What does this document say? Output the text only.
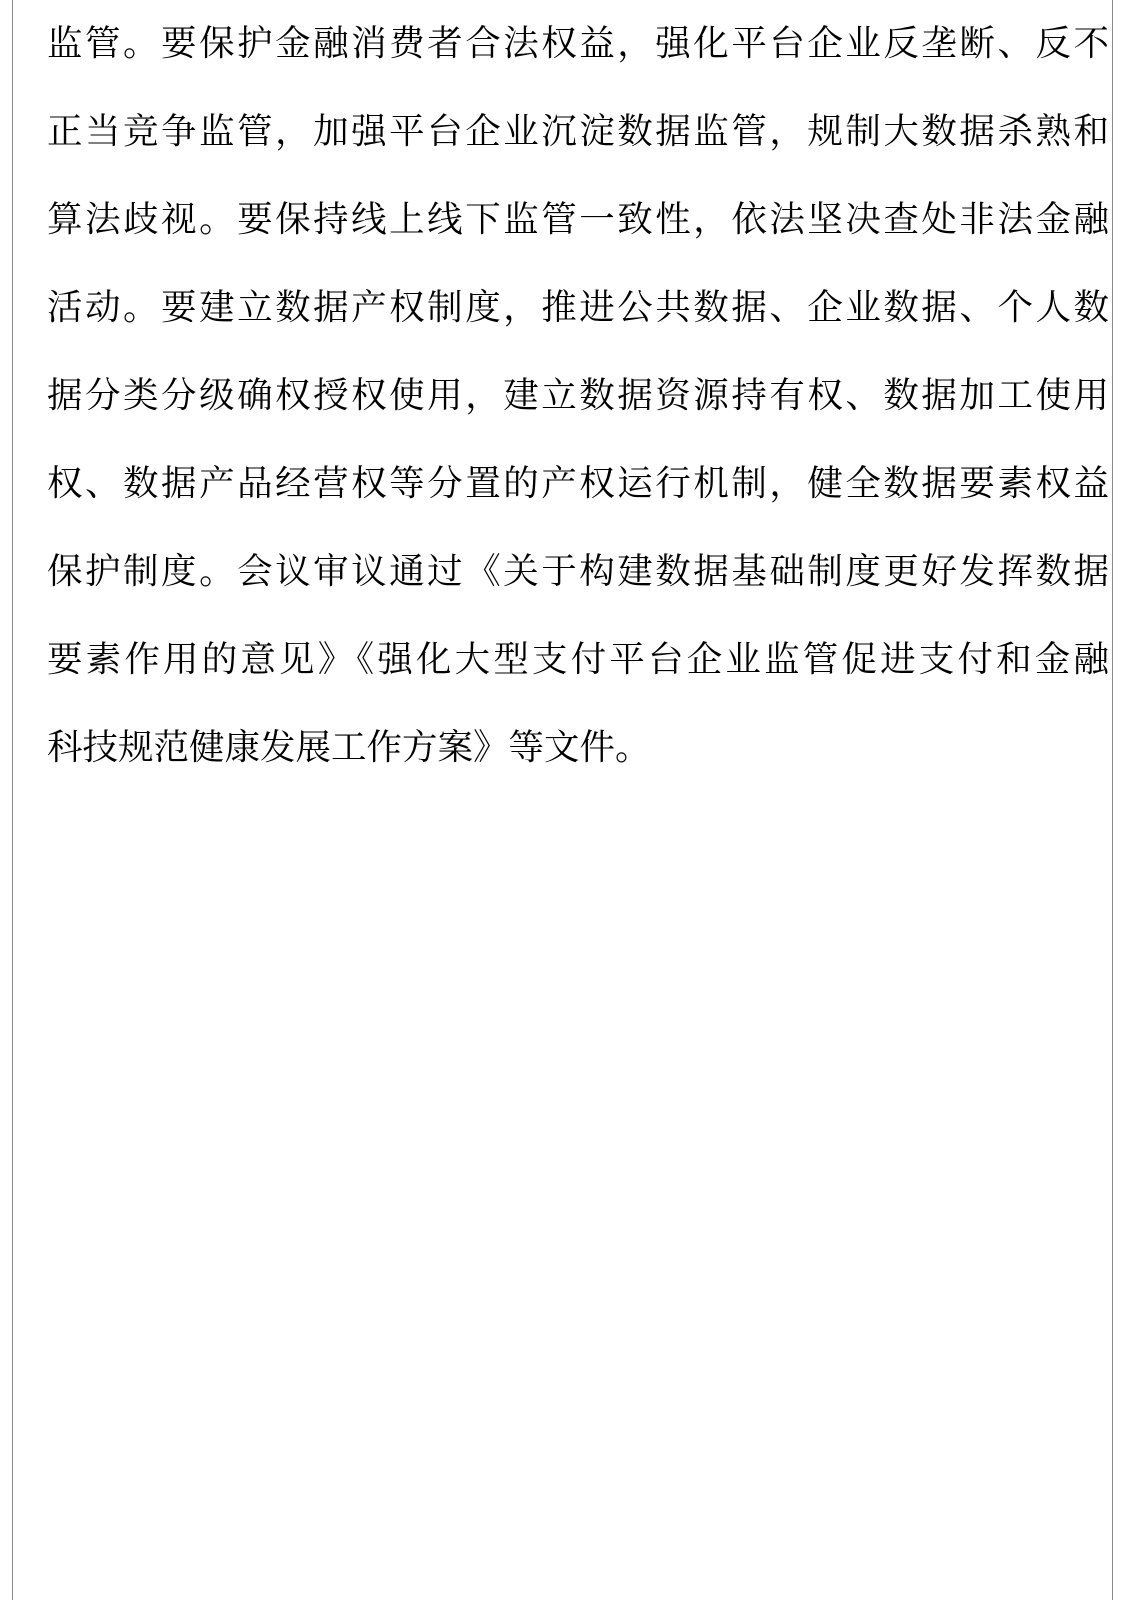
监管。要保护金融消费者合法权益，强化平台企业反垄断、反不
正当竞争监管，加强平台企业沉淀数据监管，规制大数据杀熟和
算法歧视。要保持线上线下监管一致性，依法坚决查处非法金融
活动。要建立数据产权制度，推进公共数据、企业数据、个人数
据分类分级确权授权使用，建立数据资源持有权、数据加工使用
权、数据产品经营权等分置的产权运行机制，健全数据要素权益
保护制度。会议审议通过《关于构建数据基础制度更好发挥数据
要素作用的意见》《强化大型支付平台企业监管促进支付和金融
科技规范健康发展工作方案》等文件。
